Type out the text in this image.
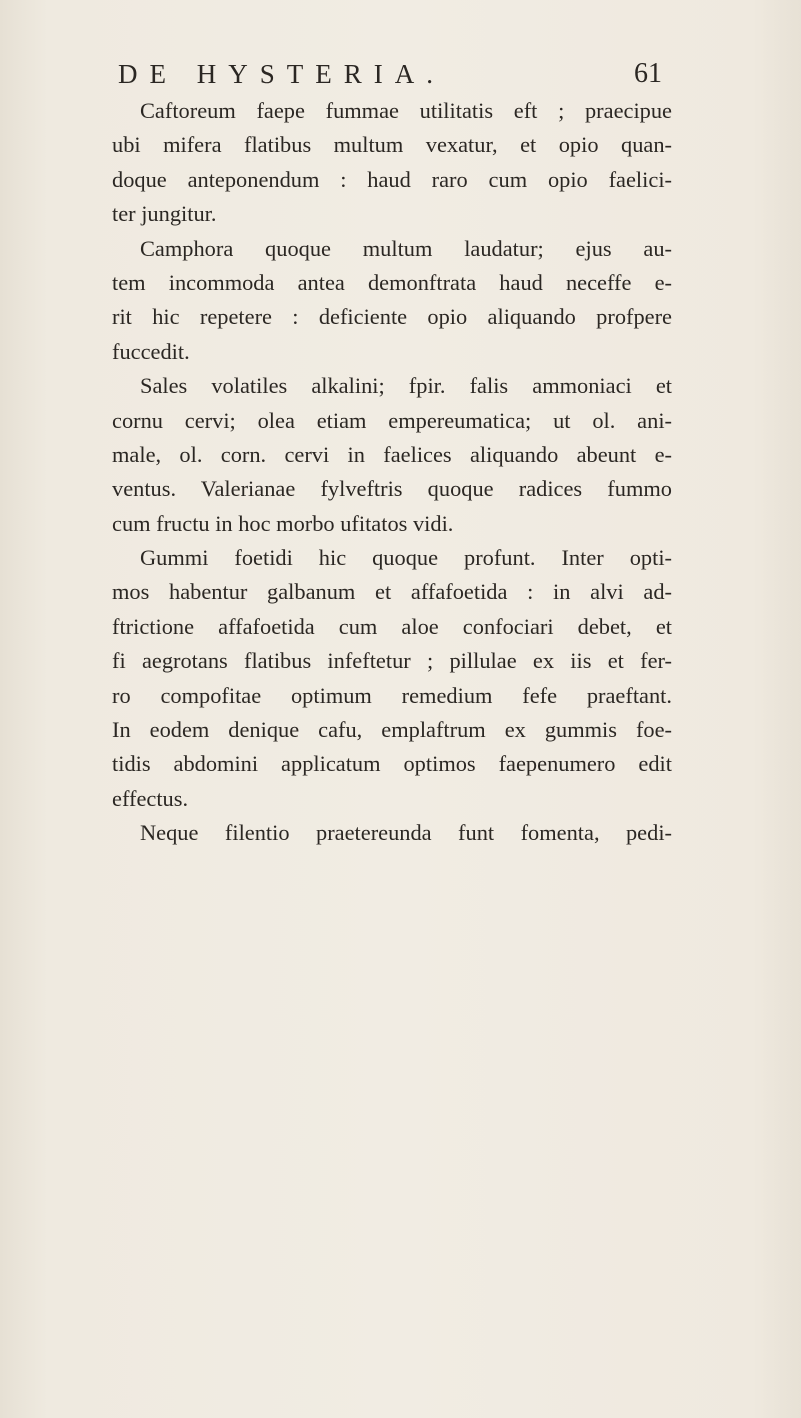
DE HYSTERIA.	61
Caftoreum faepe fummae utilitatis eft ; praecipue
ubi mifera flatibus multum vexatur, et opio quan-
doque anteponendum : haud raro cum opio faelici-
ter jungitur.
Camphora quoque multum laudatur; ejus au-
tem incommoda antea demonftrata haud neceffe e-
rit hic repetere : deficiente opio aliquando profpere
fuccedit.
Sales volatiles alkalini; fpir. falis ammoniaci et
cornu cervi; olea etiam empereumatica; ut ol. ani-
male, ol. corn. cervi in faelices aliquando abeunt e-
ventus. Valerianae fylveftris quoque radices fummo
cum fructu in hoc morbo ufitatos vidi.
Gummi foetidi hic quoque profunt. Inter opti-
mos habentur galbanum et affafoetida : in alvi ad-
ftrictione affafoetida cum aloe confociari debet, et
fi aegrotans flatibus infeftetur ; pillulae ex iis et fer-
ro compofitae optimum remedium fefe praeftant.
In eodem denique cafu, emplaftrum ex gummis foe-
tidis abdomini applicatum optimos faepenumero edit
effectus.
Neque filentio praetereunda funt fomenta, pedi-
